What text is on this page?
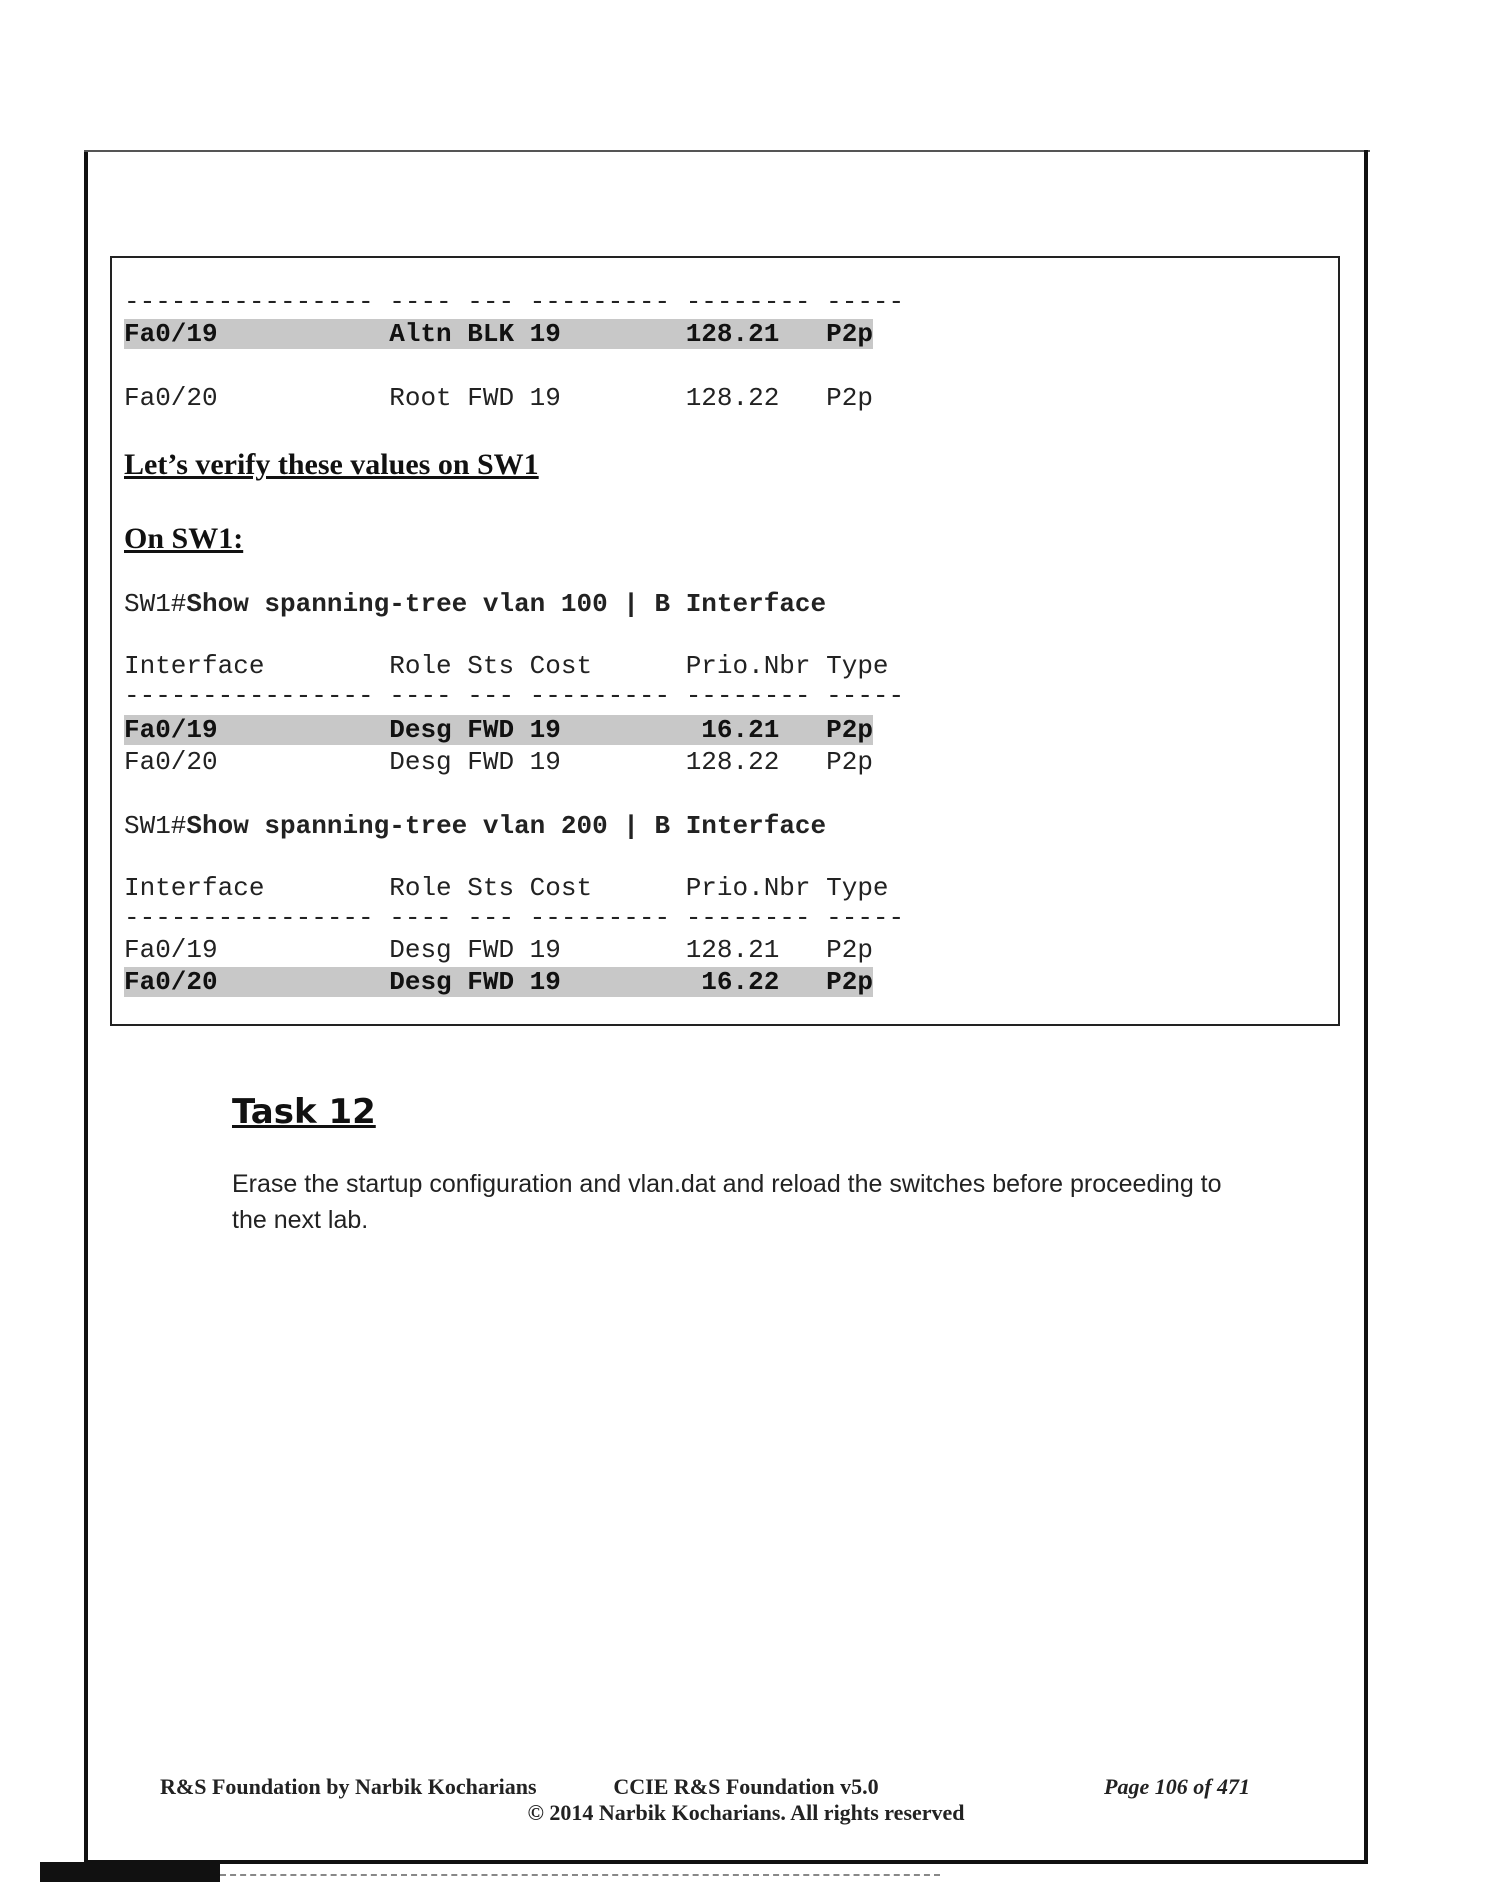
---------------- ---- --- --------- -------- -----
Fa0/19           Altn BLK 19        128.21   P2p
Fa0/20           Root FWD 19        128.22   P2p
Let’s verify these values on SW1
On SW1:
SW1#Show spanning-tree vlan 100 | B Interface
Interface        Role Sts Cost      Prio.Nbr Type
---------------- ---- --- --------- -------- -----
Fa0/19           Desg FWD 19         16.21   P2p
Fa0/20           Desg FWD 19        128.22   P2p
SW1#Show spanning-tree vlan 200 | B Interface
Interface        Role Sts Cost      Prio.Nbr Type
---------------- ---- --- --------- -------- -----
Fa0/19           Desg FWD 19        128.21   P2p
Fa0/20           Desg FWD 19         16.22   P2p
Task 12
Erase the startup configuration and vlan.dat and reload the switches before proceeding to the next lab.
R&S Foundation by Narbik Kocharians	CCIE R&S Foundation v5.0
© 2014 Narbik Kocharians. All rights reserved
Page 106 of 471
